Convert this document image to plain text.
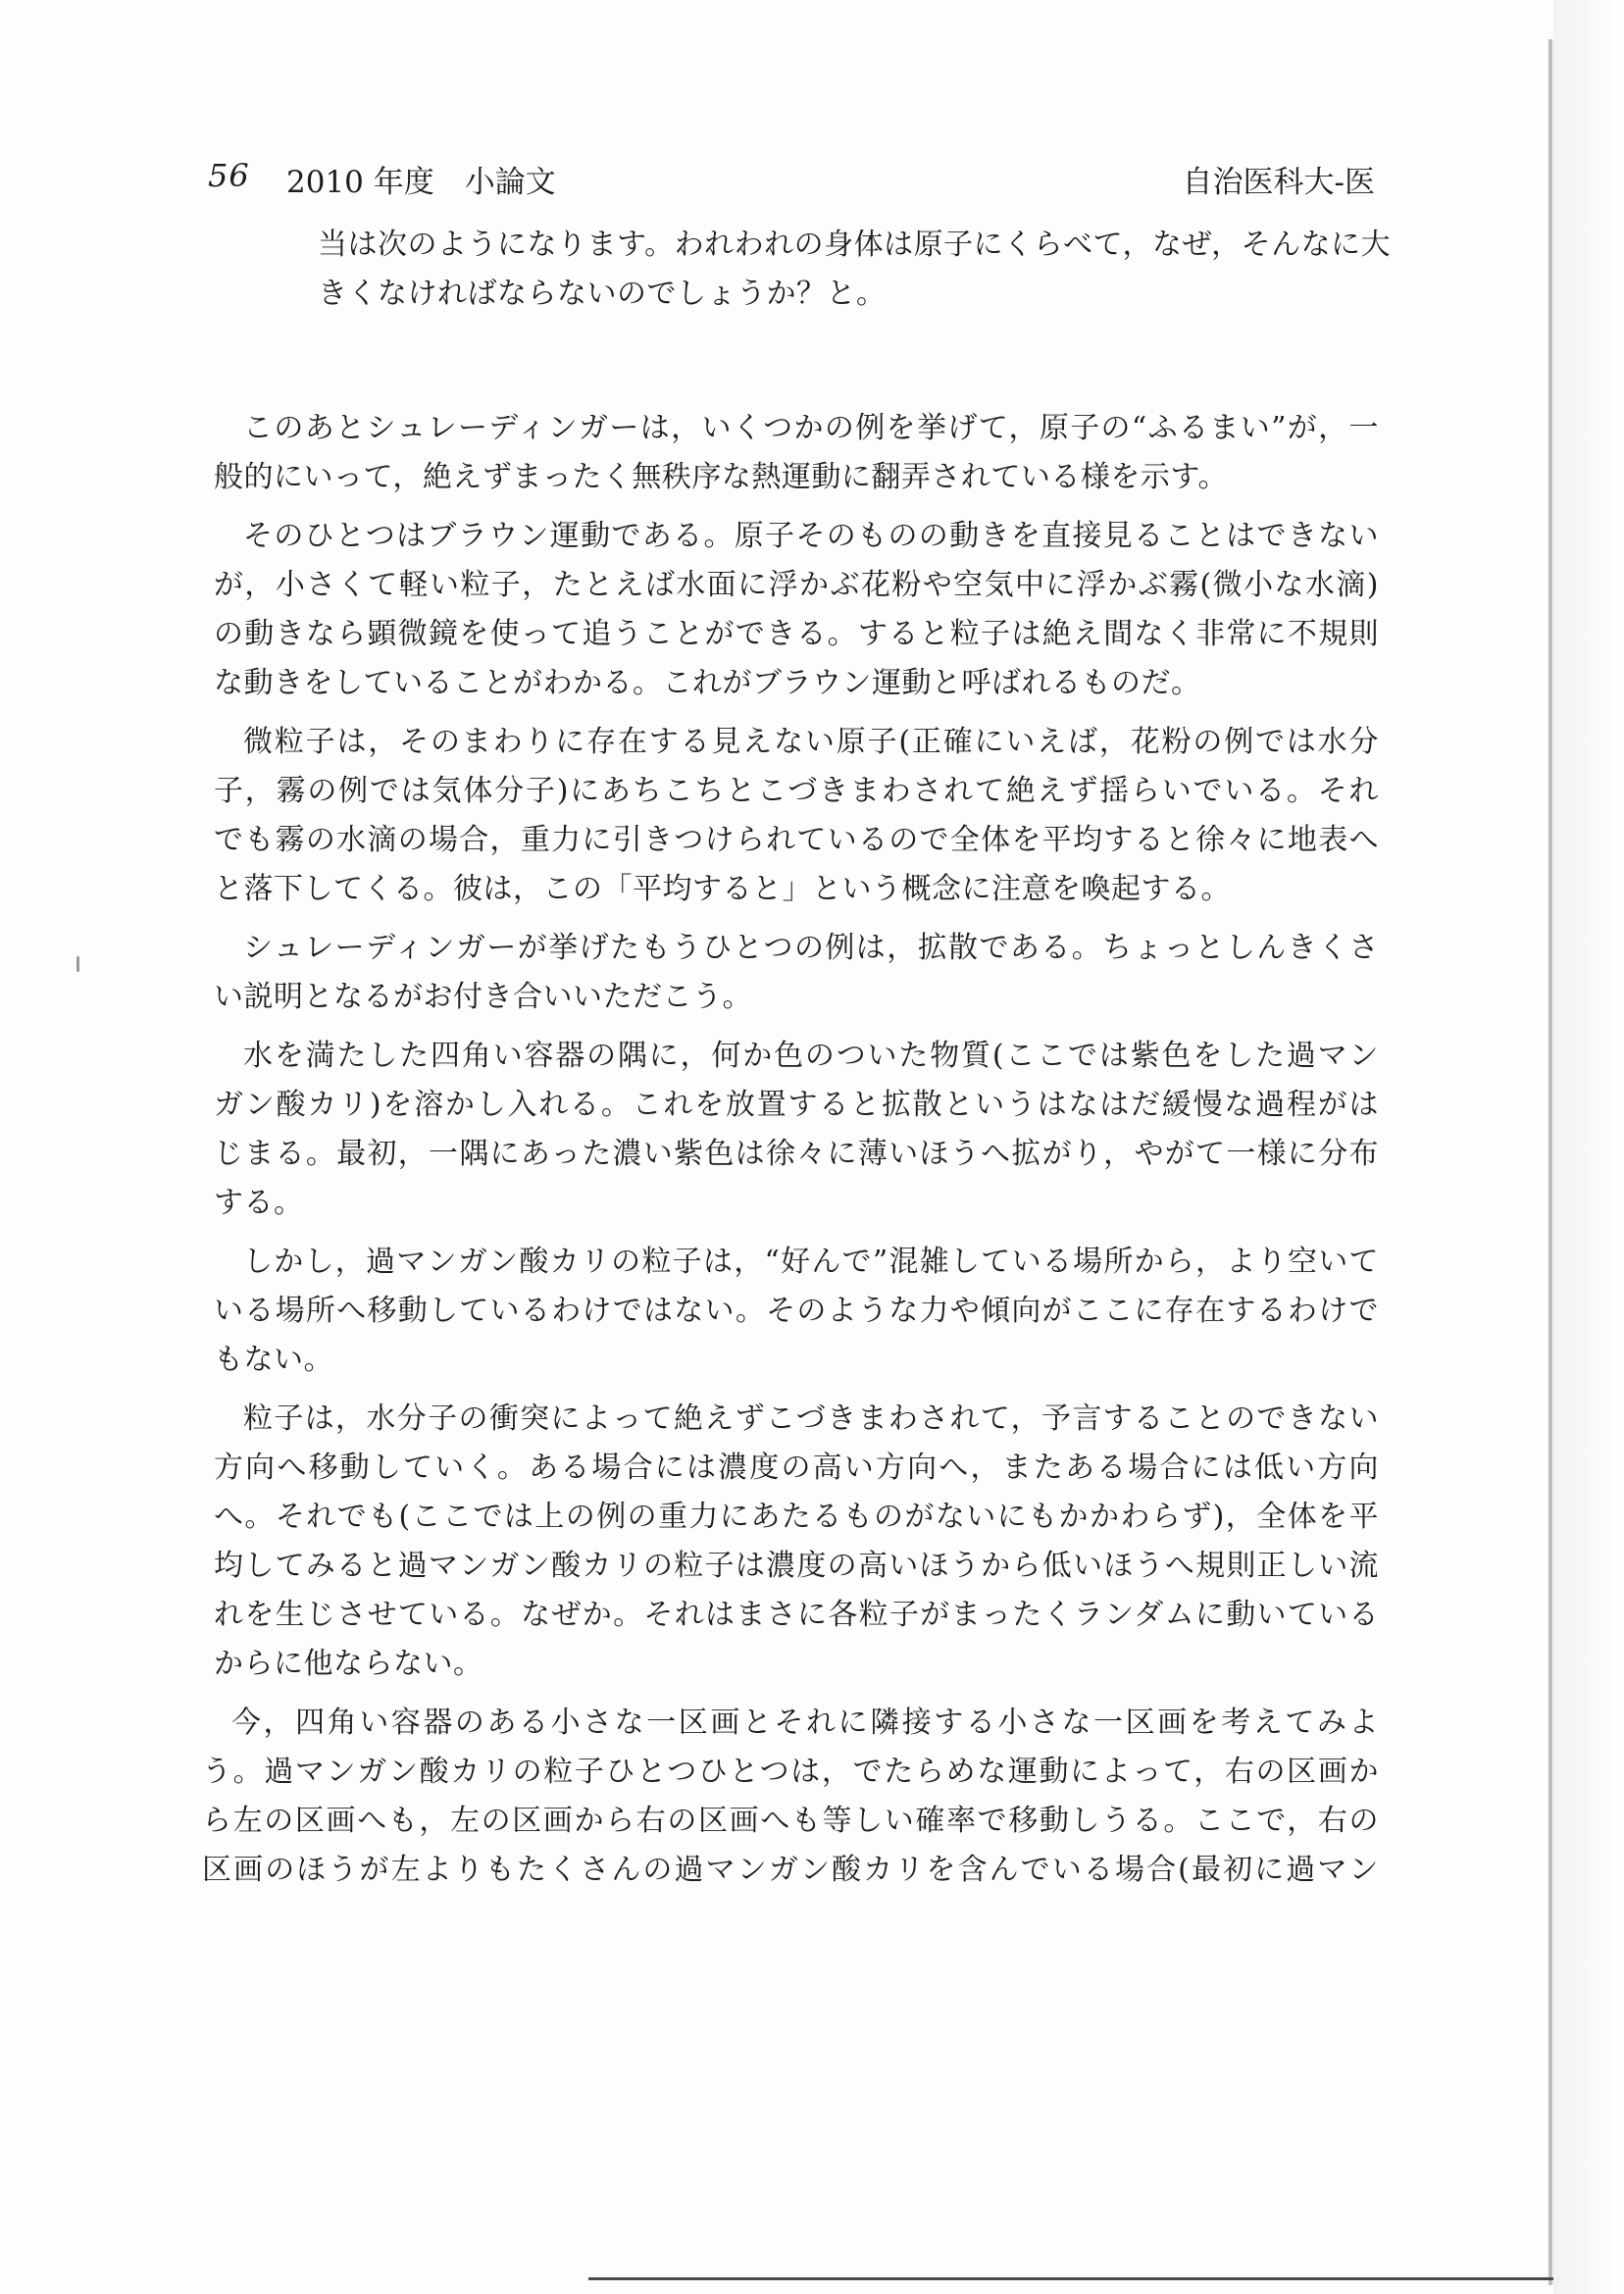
56 2010 年度　小論文	自治医科大-医
当は次のようになります。われわれの身体は原子にくらべて，なぜ，そんなに大
きくなければならないのでしょうか？と。
このあとシュレーディンガーは，いくつかの例を挙げて，原子の“ふるまい”が，一
般的にいって，絶えずまったく無秩序な熱運動に翻弄されている様を示す。
そのひとつはブラウン運動である。原子そのものの動きを直接見ることはできない
が，小さくて軽い粒子，たとえば水面に浮かぶ花粉や空気中に浮かぶ霧(微小な水滴)
の動きなら顕微鏡を使って追うことができる。すると粒子は絶え間なく非常に不規則
な動きをしていることがわかる。これがブラウン運動と呼ばれるものだ。
微粒子は，そのまわりに存在する見えない原子(正確にいえば，花粉の例では水分
子，霧の例では気体分子)にあちこちとこづきまわされて絶えず揺らいでいる。それ
でも霧の水滴の場合，重力に引きつけられているので全体を平均すると徐々に地表へ
と落下してくる。彼は，この「平均すると」という概念に注意を喚起する。
シュレーディンガーが挙げたもうひとつの例は，拡散である。ちょっとしんきくさ
い説明となるがお付き合いいただこう。
水を満たした四角い容器の隅に，何か色のついた物質(ここでは紫色をした過マン
ガン酸カリ)を溶かし入れる。これを放置すると拡散というはなはだ緩慢な過程がは
じまる。最初，一隅にあった濃い紫色は徐々に薄いほうへ拡がり，やがて一様に分布
する。
しかし，過マンガン酸カリの粒子は，“好んで”混雑している場所から，より空いて
いる場所へ移動しているわけではない。そのような力や傾向がここに存在するわけで
もない。
粒子は，水分子の衝突によって絶えずこづきまわされて，予言することのできない
方向へ移動していく。ある場合には濃度の高い方向へ，またある場合には低い方向
へ。それでも(ここでは上の例の重力にあたるものがないにもかかわらず)，全体を平
均してみると過マンガン酸カリの粒子は濃度の高いほうから低いほうへ規則正しい流
れを生じさせている。なぜか。それはまさに各粒子がまったくランダムに動いている
からに他ならない。
今，四角い容器のある小さな一区画とそれに隣接する小さな一区画を考えてみよ
う。過マンガン酸カリの粒子ひとつひとつは，でたらめな運動によって，右の区画か
ら左の区画へも，左の区画から右の区画へも等しい確率で移動しうる。ここで，右の
区画のほうが左よりもたくさんの過マンガン酸カリを含んでいる場合(最初に過マン
